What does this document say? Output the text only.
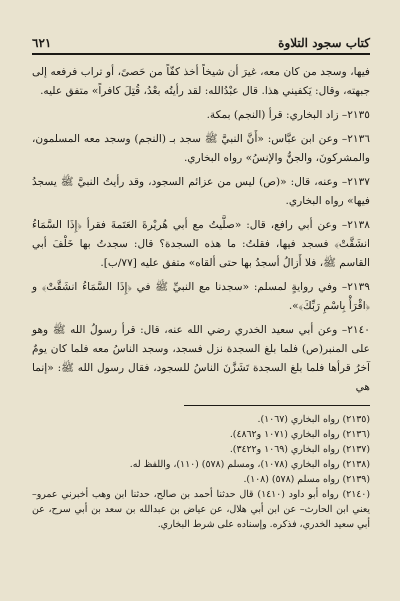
كتاب سجود التلاوة
٦٢١

فيها، وسجد من كان معه، غيرَ أن شيخاً أخذ كفّاً من حَصىً، أو تراب فرفعه إلى جبهته، وقال: يَكفيني هذا. قال عبْدُالله: لقد رأيتُه بعْدُ، قُتِلَ كافراً» متفق عليه.

٢١٣٥– زاد البخاري: قرأ (النجم) بمكة.

٢١٣٦– وعن ابن عبَّاس: «أَنَّ النبيَّ ﷺ سجد بـ (النجم) وسجد معه المسلمون، والمشركونَ، والجنُّ والإنسُ» رواه البخاري.

٢١٣٧– وعنه، قال: «(ص) ليس من عزائم السجود، وقد رأيتُ النبيَّ ﷺ يسجدُ فيها» رواه البخاري.

٢١٣٨– وعن أبي رافع، قال: «صلَّيتُ مع أبي هُريْرةَ العَتَمةَ فقرأ ﴿إِذَا السَّمَاءُ انشَقَّتْ﴾ فسجد فيها، فقلتُ: ما هذه السجدة؟ قال: سجدتُ بها خَلْفَ أبي القاسم ﷺ، فلا أَزالُ أسجدُ بها حتى ألقاه» متفق عليه [٧٧/ب].

٢١٣٩– وفي روايةٍ لمسلم: «سجدنا مع النبيِّ ﷺ في ﴿إِذَا السَّمَاءُ انشَقَّتْ﴾ و ﴿اقْرَأْ بِاسْمِ رَبِّكَ﴾».

٢١٤٠– وعن أبي سعيد الخدري رضي الله عنه، قال: قرأ رسولُ الله ﷺ وهو على المنبر(ص) فلما بلغ السجدة نزل فسجد، وسجد الناسُ معه فلما كان يومٌ آخرُ قرأها فلما بلغ السجدة تَشَزَّنَ الناسُ للسجود، فقال رسول الله ﷺ: «إنما هي

(٢١٣٥) رواه البخاري (١٠٦٧).

(٢١٣٦) رواه البخاري (١٠٧١ و٤٨٦٢).

(٢١٣٧) رواه البخاري (١٠٦٩ و٣٤٢٢).

(٢١٣٨) رواه البخاري (١٠٧٨)، ومسلم (٥٧٨) (١١٠)، واللفظ له.

(٢١٣٩) رواه مسلم (٥٧٨) (١٠٨).

(٢١٤٠) رواه أبو داود (١٤١٠) قال حدثنا أحمد بن صالح، حدثنا ابن وهب أخبرني عمرو– يعني ابن الحارث– عن ابن أبي هلال، عن عياض بن عبدالله بن سعد بن أبي سرح، عن أبي سعيد الخدري، فذكره. وإسناده على شرط البخاري.
